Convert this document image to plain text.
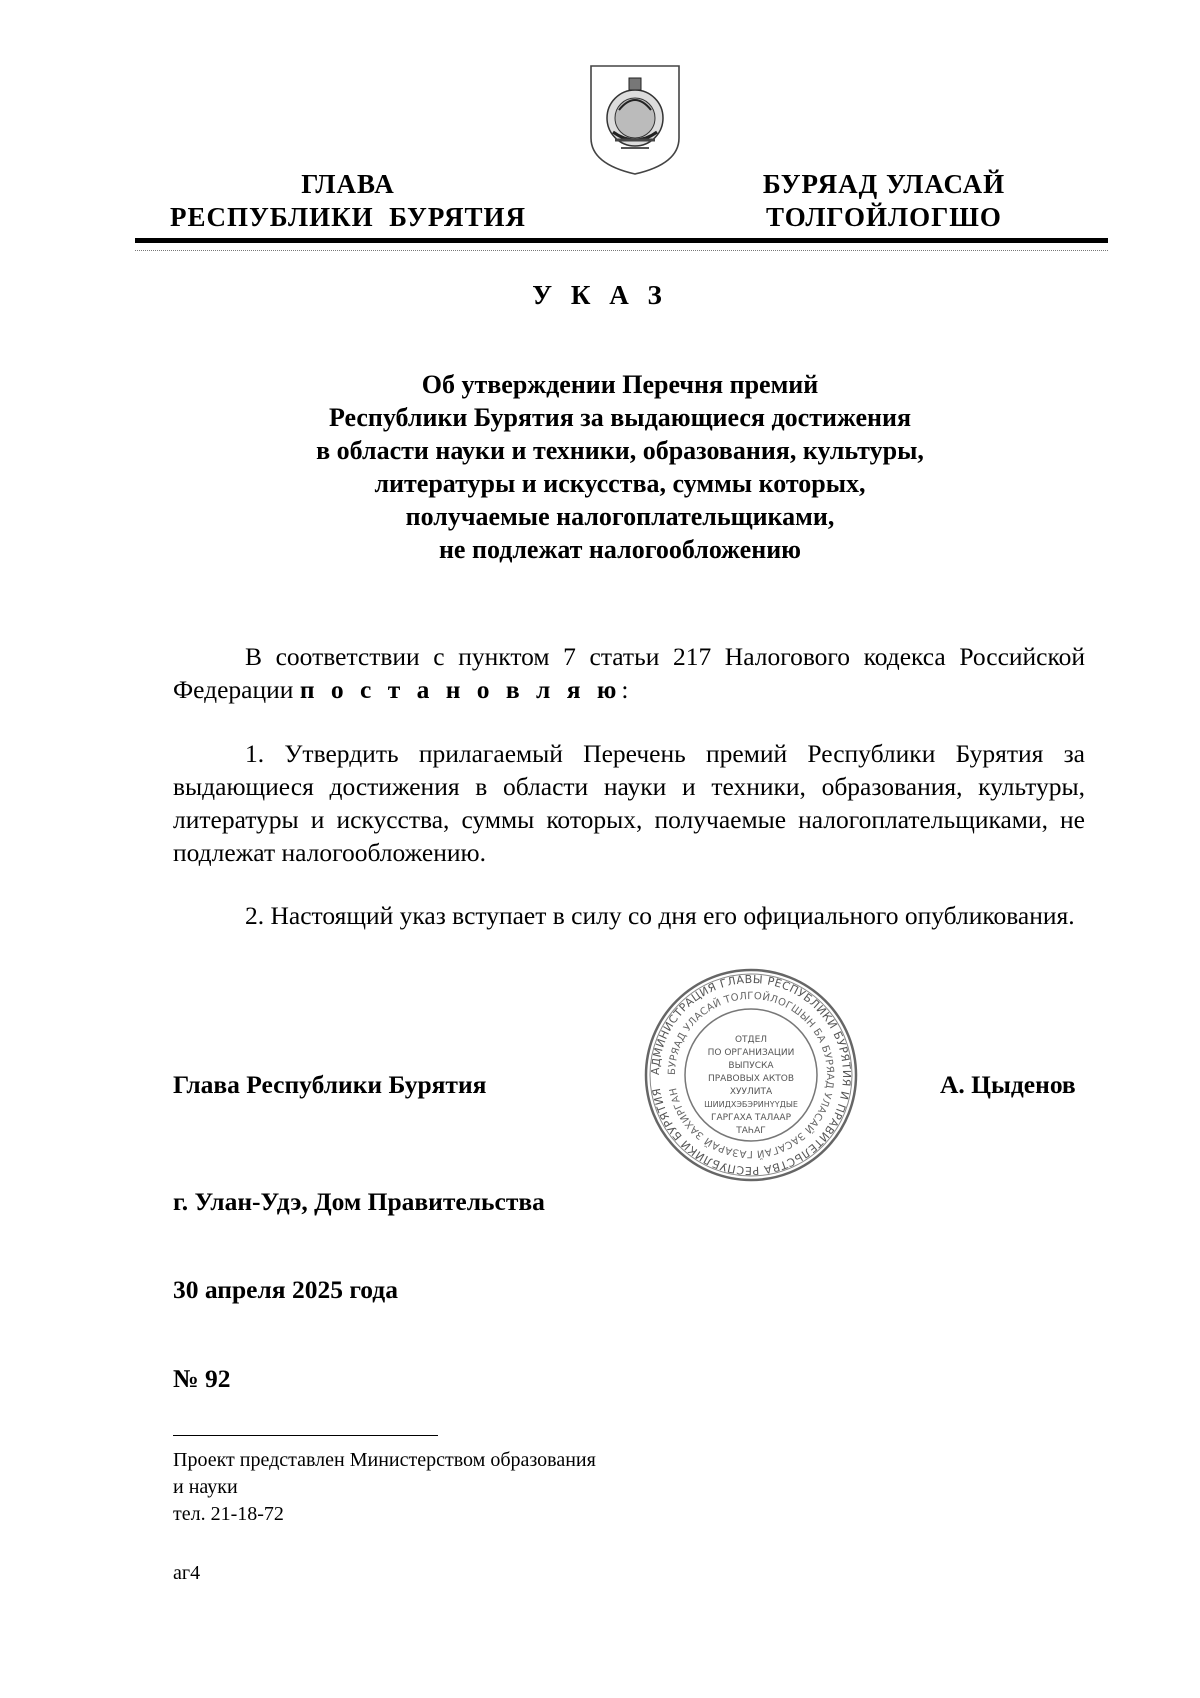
ГЛАВА
РЕСПУБЛИКИ  БУРЯТИЯ
БУРЯАД УЛАСАЙ
ТОЛГОЙЛОГШО
У К А З
Об утверждении Перечня премий
Республики Бурятия за выдающиеся достижения
в области науки и техники, образования, культуры,
литературы и искусства, суммы которых,
получаемые налогоплательщиками,
не подлежат налогообложению

В соответствии с пунктом 7 статьи 217 Налогового кодекса Российской Федерации п о с т а н о в л я ю:

1. Утвердить прилагаемый Перечень премий Республики Бурятия за выдающиеся достижения в области науки и техники, образования, культуры, литературы и искусства, суммы которых, получаемые налогоплательщиками, не подлежат налогообложению.

2. Настоящий указ вступает в силу со дня его официального опубликования.

АДМИНИСТРАЦИЯ ГЛАВЫ РЕСПУБЛИКИ БУРЯТИЯ И ПРАВИТЕЛЬСТВА РЕСПУБЛИКИ БУРЯТИЯ
БУРЯАД УЛАСАЙ ТОЛГОЙЛОГШЫН БА БУРЯАД УЛАСАЙ ЗАСАГАЙ ГАЗАРАЙ ЗАХИРГАН
ОТДЕЛ
ПО ОРГАНИЗАЦИИ
ВЫПУСКА
ПРАВОВЫХ АКТОВ
ХУУЛИТА
ШИИДХЭБЭРИНҮҮДЫЕ
ГАРГАХА ТАЛААР
ТАҺАГ
Глава Республики Бурятия	А. Цыденов
г. Улан-Удэ, Дом Правительства
30 апреля 2025 года
№ 92
Проект представлен Министерством образования
и науки
тел. 21-18-72
аг4
